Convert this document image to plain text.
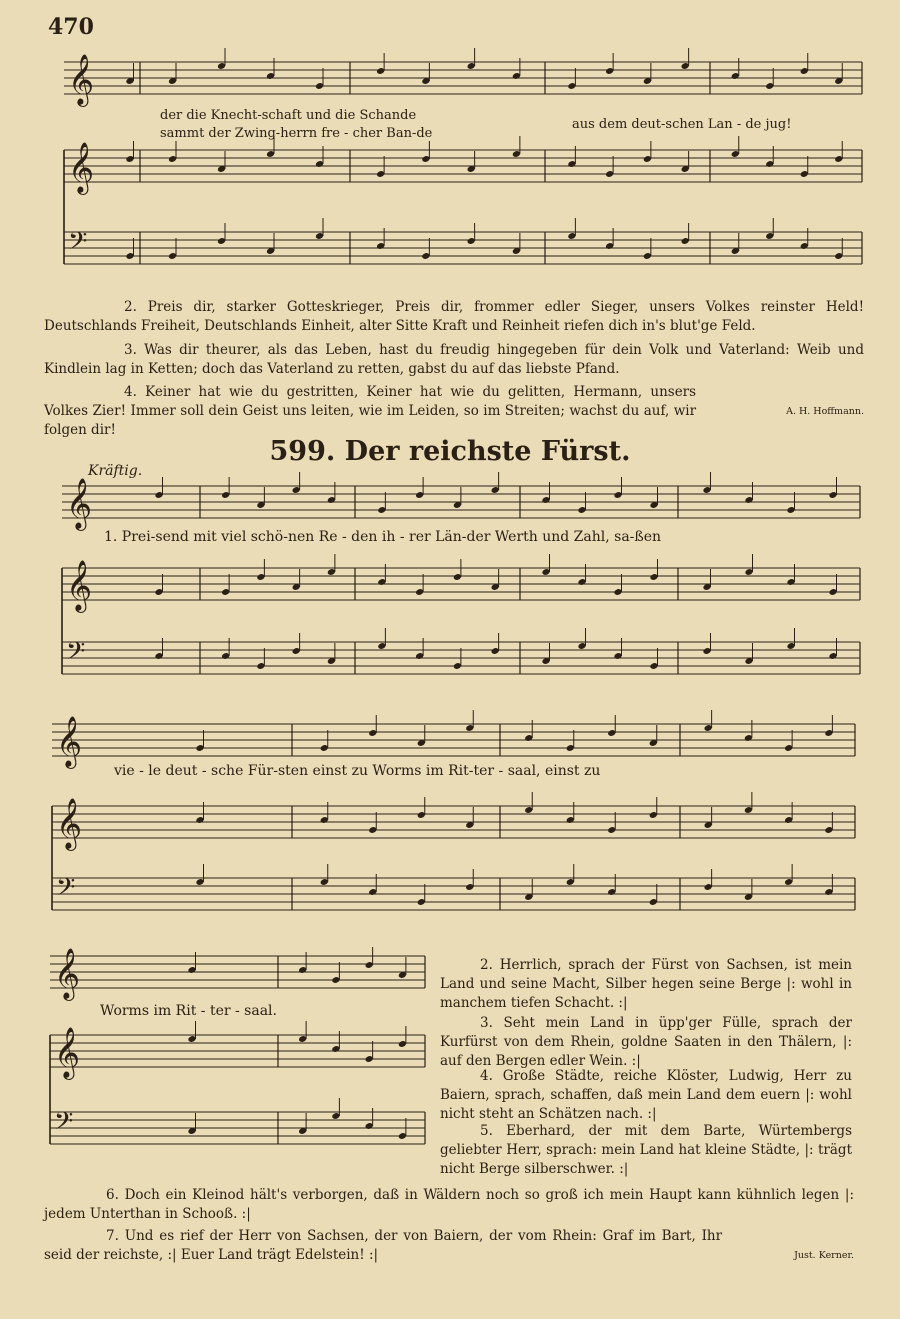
470
𝄞
𝄞
𝄢
𝄞
𝄞
𝄢
𝄞
𝄞
𝄢
𝄞
𝄞
𝄢
der die Knecht-schaft und die Schande
sammt der Zwing-herrn fre - cher Ban-de
aus dem deut-schen Lan - de jug!
2. Preis dir, starker Gotteskrieger, Preis dir, frommer edler Sieger, unsers Volkes reinster Held! Deutschlands Freiheit, Deutschlands Einheit, alter Sitte Kraft und Reinheit riefen dich in's blut'ge Feld.
3. Was dir theurer, als das Leben, hast du freudig hingegeben für dein Volk und Vaterland: Weib und Kindlein lag in Ketten; doch das Vaterland zu retten, gabst du auf das liebste Pfand.
A. H. Hoffmann.
4. Keiner hat wie du gestritten, Keiner hat wie du gelitten, Hermann, unsers Volkes Zier! Immer soll dein Geist uns leiten, wie im Leiden, so im Streiten; wachst du auf, wir folgen dir!
599. Der reichste Fürst.
Kräftig.
1. Prei-send mit viel schö-nen Re - den ih - rer Län-der Werth und Zahl, sa-ßen
vie - le deut - sche Für-sten einst zu Worms im Rit-ter - saal, einst zu
Worms im Rit - ter - saal.
2. Herrlich, sprach der Fürst von Sachsen, ist mein Land und seine Macht, Silber hegen seine Berge |: wohl in manchem tiefen Schacht. :|
3. Seht mein Land in üpp'ger Fülle, sprach der Kurfürst von dem Rhein, goldne Saaten in den Thälern, |: auf den Bergen edler Wein. :|
4. Große Städte, reiche Klöster, Ludwig, Herr zu Baiern, sprach, schaffen, daß mein Land dem euern |: wohl nicht steht an Schätzen nach. :|
5. Eberhard, der mit dem Barte, Würtembergs geliebter Herr, sprach: mein Land hat kleine Städte, |: trägt nicht Berge silberschwer. :|
6. Doch ein Kleinod hält's verborgen, daß in Wäldern noch so groß ich mein Haupt kann kühnlich legen |: jedem Unterthan in Schooß. :|
Just. Kerner.
7. Und es rief der Herr von Sachsen, der von Baiern, der vom Rhein: Graf im Bart, Ihr seid der reichste, :| Euer Land trägt Edelstein! :|
